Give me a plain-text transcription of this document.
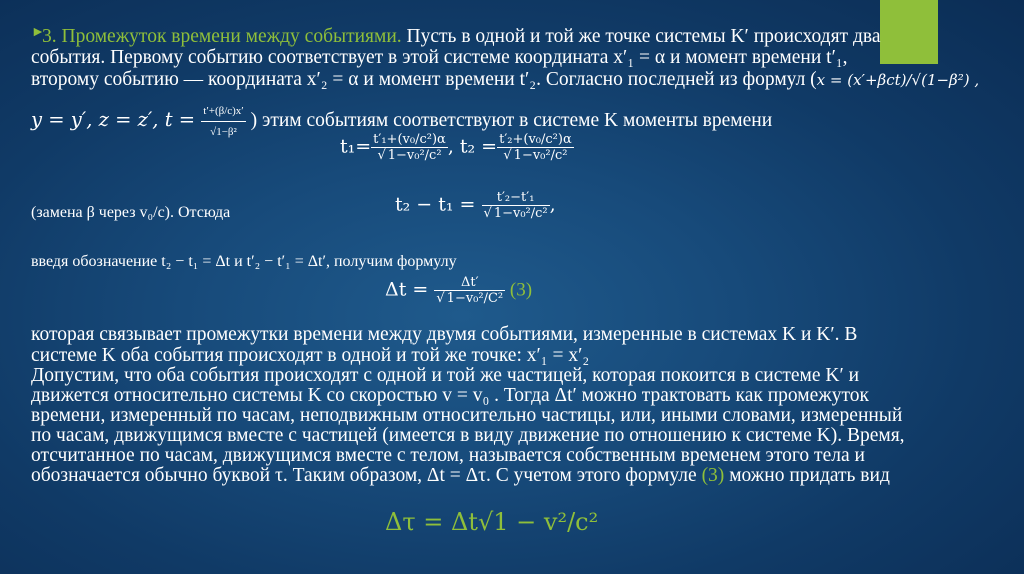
►
3. Промежуток времени между событиями. Пусть в одной и той же точке системы K′ происходят два
события. Первому событию соответствует в этой системе координата x′₁ = α и момент времени t′₁,
второму событию — координата x′₂ = α и момент времени t′₂. Согласно последней из формул (x = (x′+βct)/√(1−β²) ,
y = y′, z = z′, $t = \frac{t'+(\beta/c)x'}{\text{√1−β²}}$ ) этим событиям соответствуют в системе K моменты времени
$t_1= \frac{\text{t′₁+(v₀/c²)α}}{\text{√ 1−v₀²/c²}}$ , $t_2 = \frac{\text{t′₂+(v₀/c²)α}}{\text{√ 1−v₀²/c²}}$
(замена β через v₀/c). Отсюда	$t_2 - t_1 = \frac{\text{t′₂−t′₁}}{\text{√ 1−v₀²/c²}}$ ,
введя обозначение t₂ − t₁ = Δt и t′₂ − t′₁ = Δt′, получим формулу
$\Delta t = \frac{\Delta t'}{\text{√ 1−v₀²/C²}} (3)$
которая связывает промежутки времени между двумя событиями, измеренные в системах K и K′. В
системе K оба события происходят в одной и той же точке: x′₁ = x′₂
Допустим, что оба события происходят с одной и той же частицей, которая покоится в системе K′ и
движется относительно системы K со скоростью v = v₀ . Тогда Δt′ можно трактовать как промежуток
времени, измеренный по часам, неподвижным относительно частицы, или, иными словами, измеренный
по часам, движущимся вместе с частицей (имеется в виду движение по отношению к системе K). Время,
отсчитанное по часам, движущимся вместе с телом, называется собственным временем этого тела и
обозначается обычно буквой τ. Таким образом, Δt = Δτ. С учетом этого формуле (3) можно придать вид
Δτ = Δt√1 − v²/c²
